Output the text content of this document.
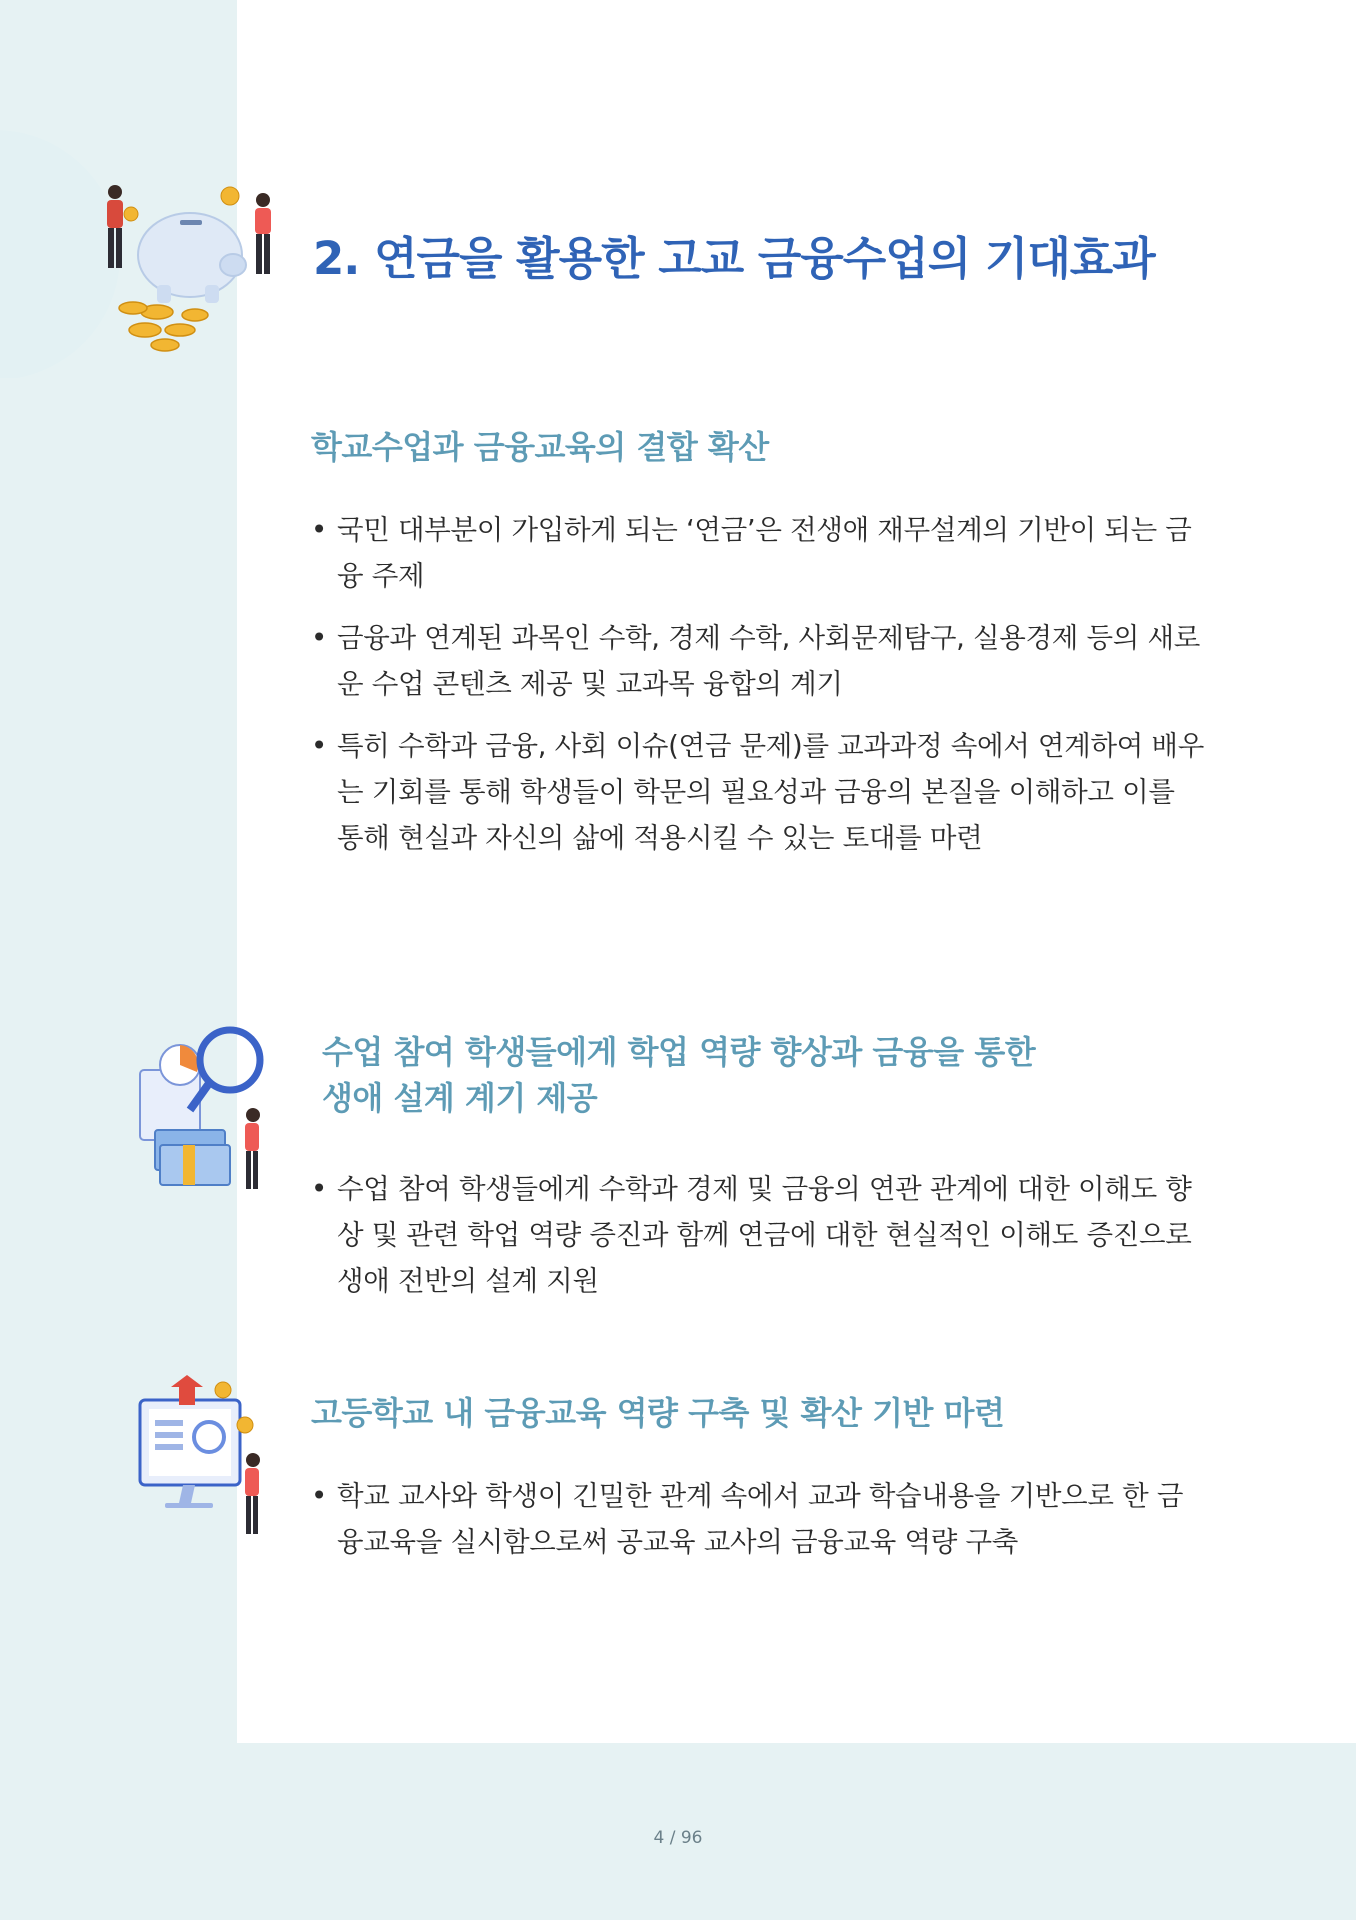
2. 연금을 활용한 고교 금융수업의 기대효과
학교수업과 금융교육의 결합 확산
• 국민 대부분이 가입하게 되는 ‘연금’은 전생애 재무설계의 기반이 되는 금융 주제
• 금융과 연계된 과목인 수학, 경제 수학, 사회문제탐구, 실용경제 등의 새로운 수업 콘텐츠 제공 및 교과목 융합의 계기
• 특히 수학과 금융, 사회 이슈(연금 문제)를 교과과정 속에서 연계하여 배우는 기회를 통해 학생들이 학문의 필요성과 금융의 본질을 이해하고 이를 통해 현실과 자신의 삶에 적용시킬 수 있는 토대를 마련
수업 참여 학생들에게 학업 역량 향상과 금융을 통한
생애 설계 계기 제공
• 수업 참여 학생들에게 수학과 경제 및 금융의 연관 관계에 대한 이해도 향상 및 관련 학업 역량 증진과 함께 연금에 대한 현실적인 이해도 증진으로 생애 전반의 설계 지원
고등학교 내 금융교육 역량 구축 및 확산 기반 마련
• 학교 교사와 학생이 긴밀한 관계 속에서 교과 학습내용을 기반으로 한 금융교육을 실시함으로써 공교육 교사의 금융교육 역량 구축
4 / 96
